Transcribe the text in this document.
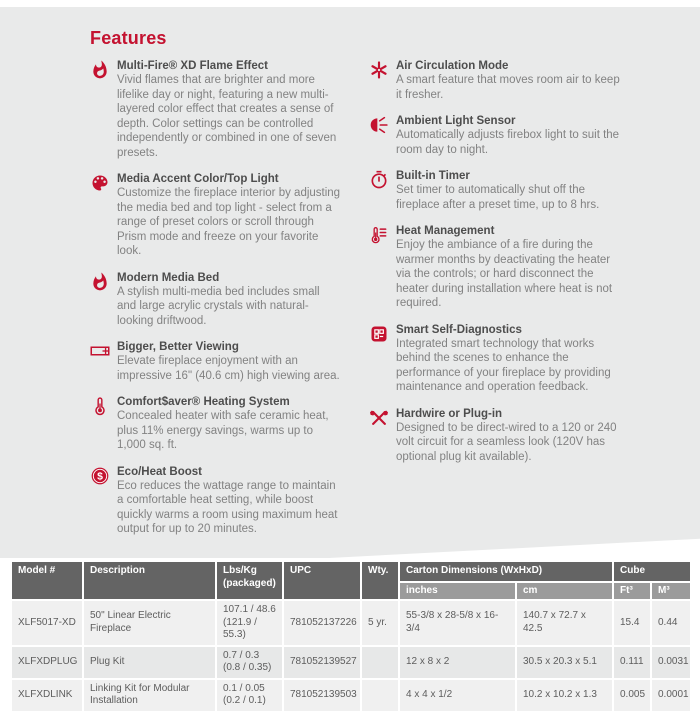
Features
Multi-Fire® XD Flame Effect
Vivid flames that are brighter and more lifelike day or night, featuring a new multi-layered color effect that creates a sense of depth. Color settings can be controlled independently or combined in one of seven presets.
Media Accent Color/Top Light
Customize the fireplace interior by adjusting the media bed and top light - select from a range of preset colors or scroll through Prism mode and freeze on your favorite look.
Modern Media Bed
A stylish multi-media bed includes small and large acrylic crystals with natural-looking driftwood.
Bigger, Better Viewing
Elevate fireplace enjoyment with an impressive 16" (40.6 cm) high viewing area.
Comfort$aver® Heating System
Concealed heater with safe ceramic heat, plus 11% energy savings, warms up to 1,000 sq. ft.
$ Eco/Heat Boost
Eco reduces the wattage range to maintain a comfortable heat setting, while boost quickly warms a room using maximum heat output for up to 20 minutes.
Air Circulation Mode
A smart feature that moves room air to keep it fresher.
Ambient Light Sensor
Automatically adjusts firebox light to suit the room day to night.
Built-in Timer
Set timer to automatically shut off the fireplace after a preset time, up to 8 hrs.
Heat Management
Enjoy the ambiance of a fire during the warmer months by deactivating the heater via the controls; or hard disconnect the heater during installation where heat is not required.
Smart Self-Diagnostics
Integrated smart technology that works behind the scenes to enhance the performance of your fireplace by providing maintenance and operation feedback.
Hardwire or Plug-in
Designed to be direct-wired to a 120 or 240 volt circuit for a seamless look (120V has optional plug kit available).
Model #	Description	Lbs/Kg (packaged)	UPC	Wty.	Carton Dimensions (WxHxD)		Cube	
					inches	cm	Ft³	M³
XLF5017-XD	50" Linear Electric Fireplace	107.1 / 48.6 (121.9 / 55.3)	781052137226	5 yr.	55-3/8 x 28-5/8 x 16-3/4	140.7 x 72.7 x 42.5	15.4	0.44
XLFXDPLUG	Plug Kit	0.7 / 0.3 (0.8 / 0.35)	781052139527		12 x 8 x 2	30.5 x 20.3 x 5.1	0.111	0.0031
XLFXDLINK	Linking Kit for Modular Installation	0.1 / 0.05 (0.2 / 0.1)	781052139503		4 x 4 x 1/2	10.2 x 10.2 x 1.3	0.005	0.0001
